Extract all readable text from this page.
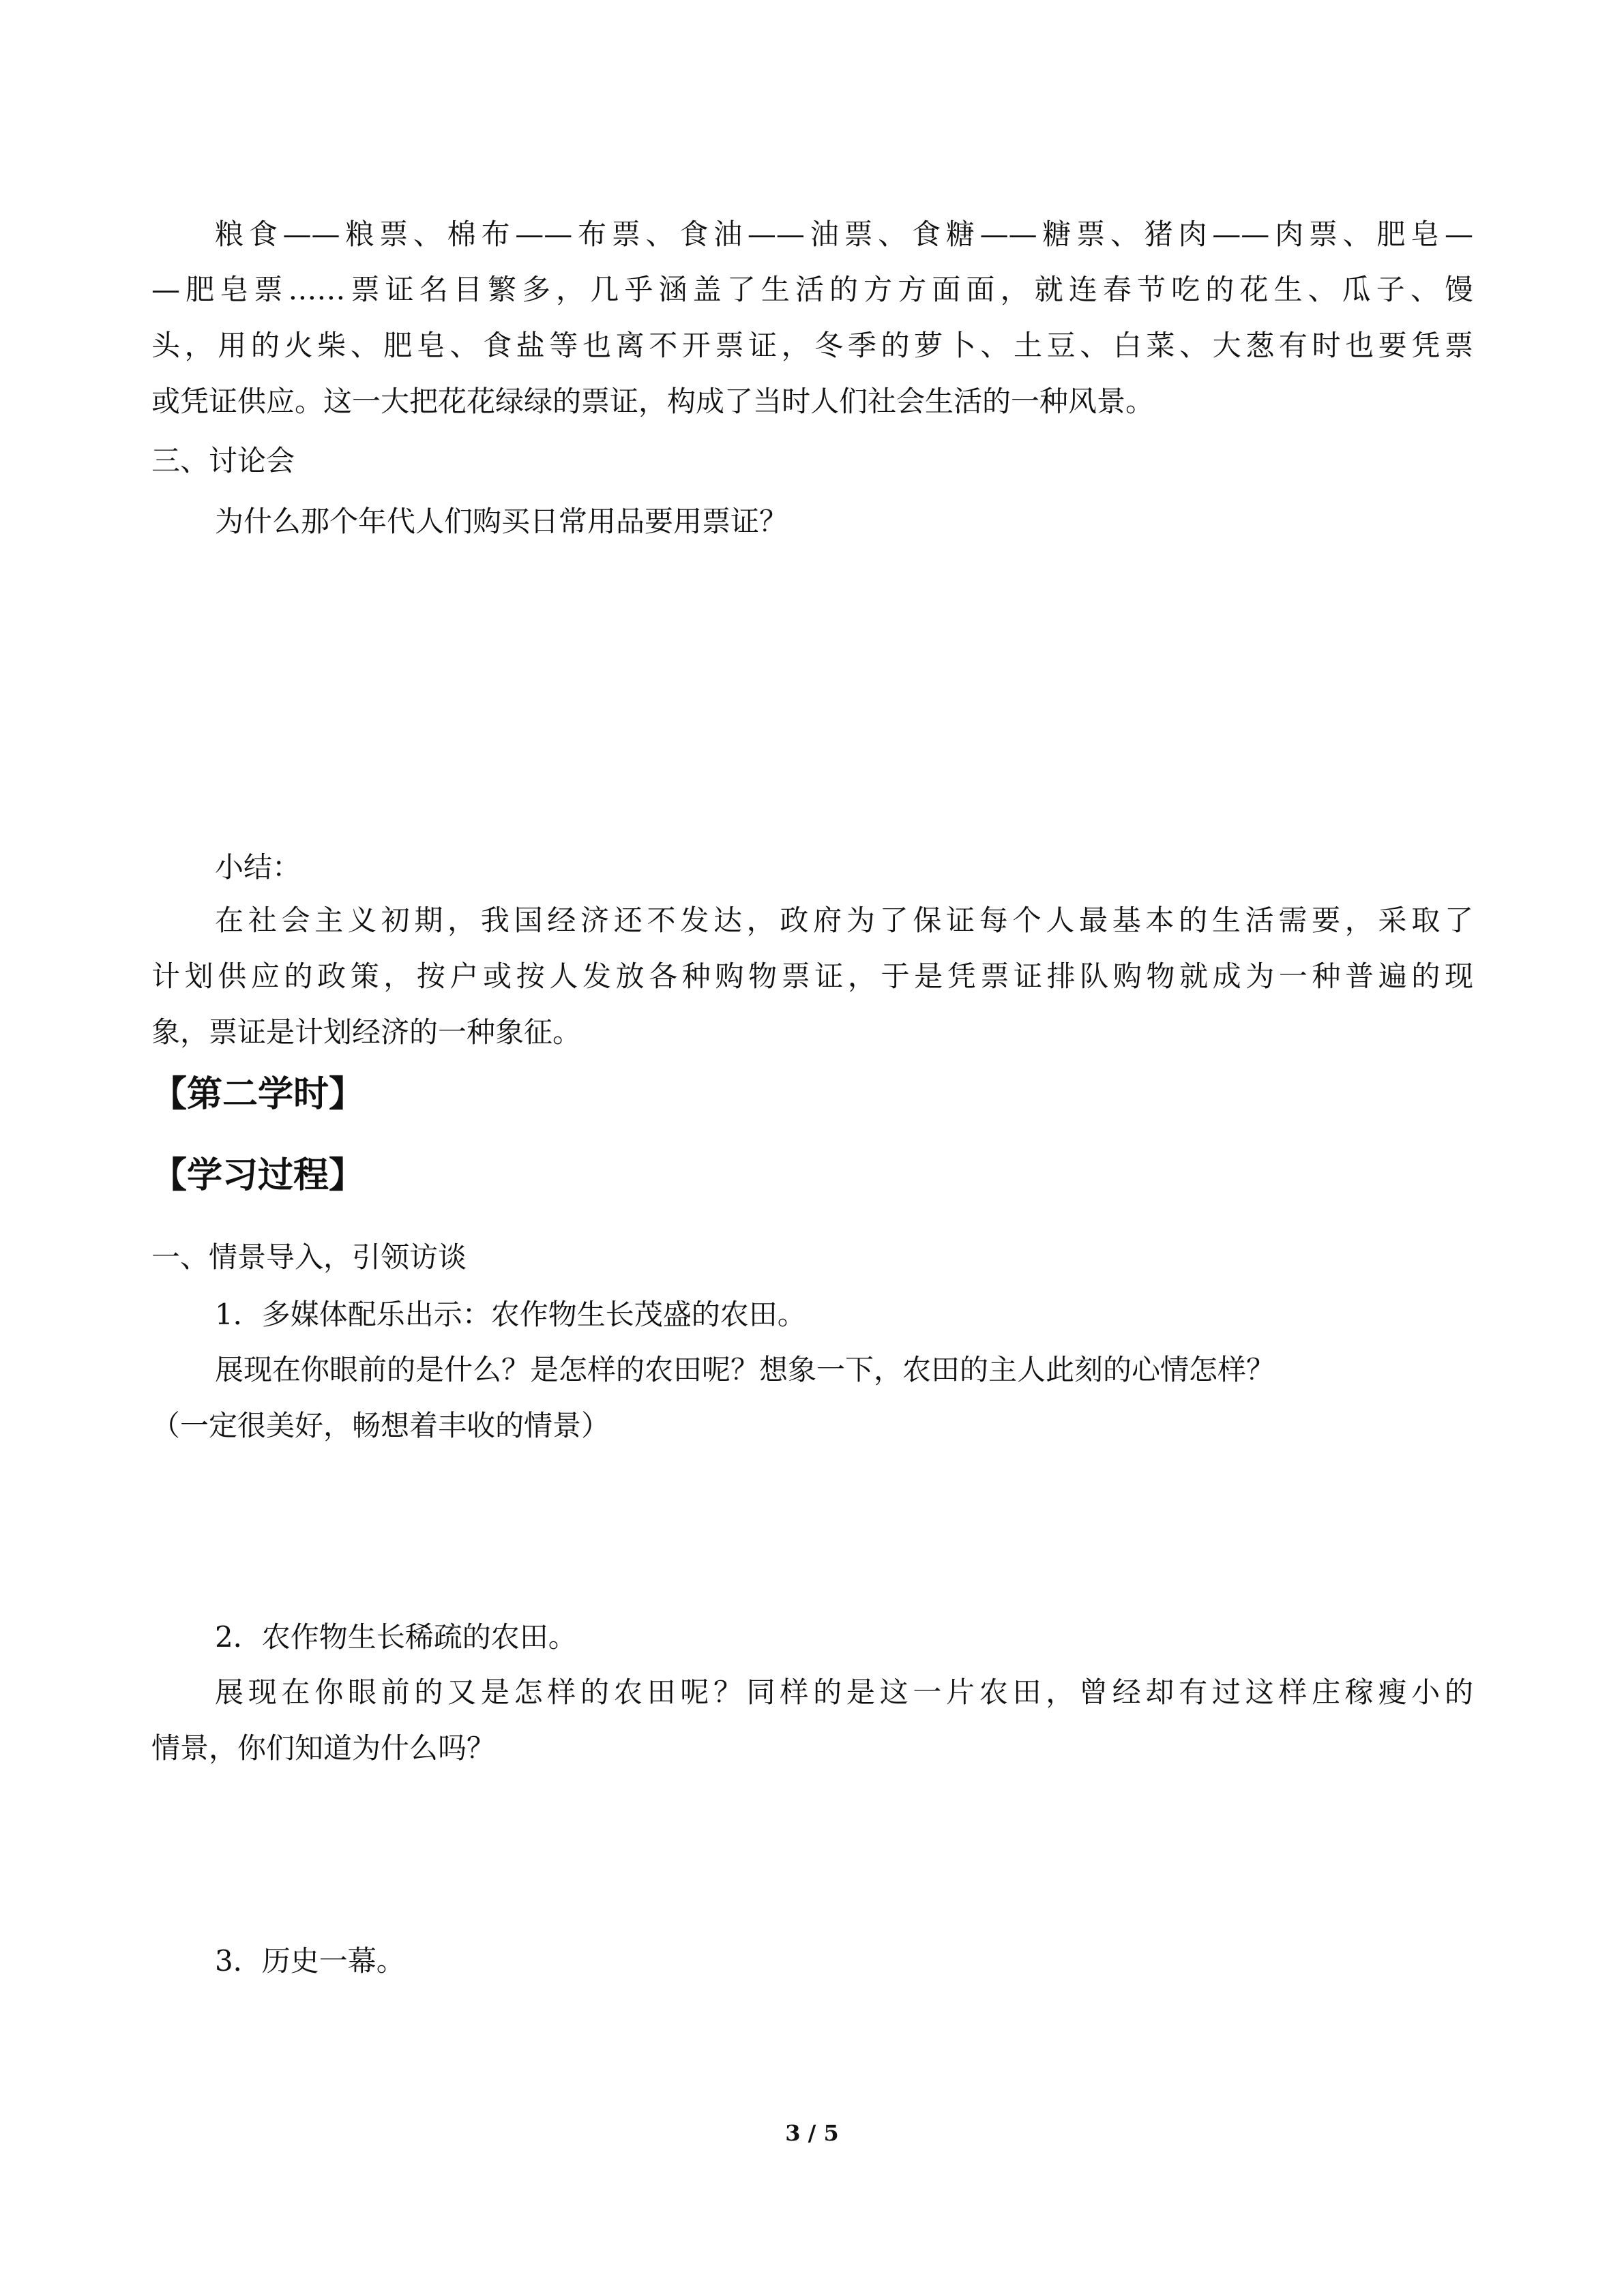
粮食——粮票、棉布——布票、食油——油票、食糖——糖票、猪肉——肉票、肥皂—
—肥皂票……票证名目繁多，几乎涵盖了生活的方方面面，就连春节吃的花生、瓜子、馒
头，用的火柴、肥皂、食盐等也离不开票证，冬季的萝卜、土豆、白菜、大葱有时也要凭票
或凭证供应。这一大把花花绿绿的票证，构成了当时人们社会生活的一种风景。
三、讨论会
为什么那个年代人们购买日常用品要用票证？
小结：
在社会主义初期，我国经济还不发达，政府为了保证每个人最基本的生活需要，采取了
计划供应的政策，按户或按人发放各种购物票证，于是凭票证排队购物就成为一种普遍的现
象，票证是计划经济的一种象征。
【第二学时】
【学习过程】
一、情景导入，引领访谈
1．多媒体配乐出示：农作物生长茂盛的农田。
展现在你眼前的是什么？是怎样的农田呢？想象一下，农田的主人此刻的心情怎样？
（一定很美好，畅想着丰收的情景）
2．农作物生长稀疏的农田。
展现在你眼前的又是怎样的农田呢？同样的是这一片农田，曾经却有过这样庄稼瘦小的
情景，你们知道为什么吗？
3．历史一幕。
3 / 5
